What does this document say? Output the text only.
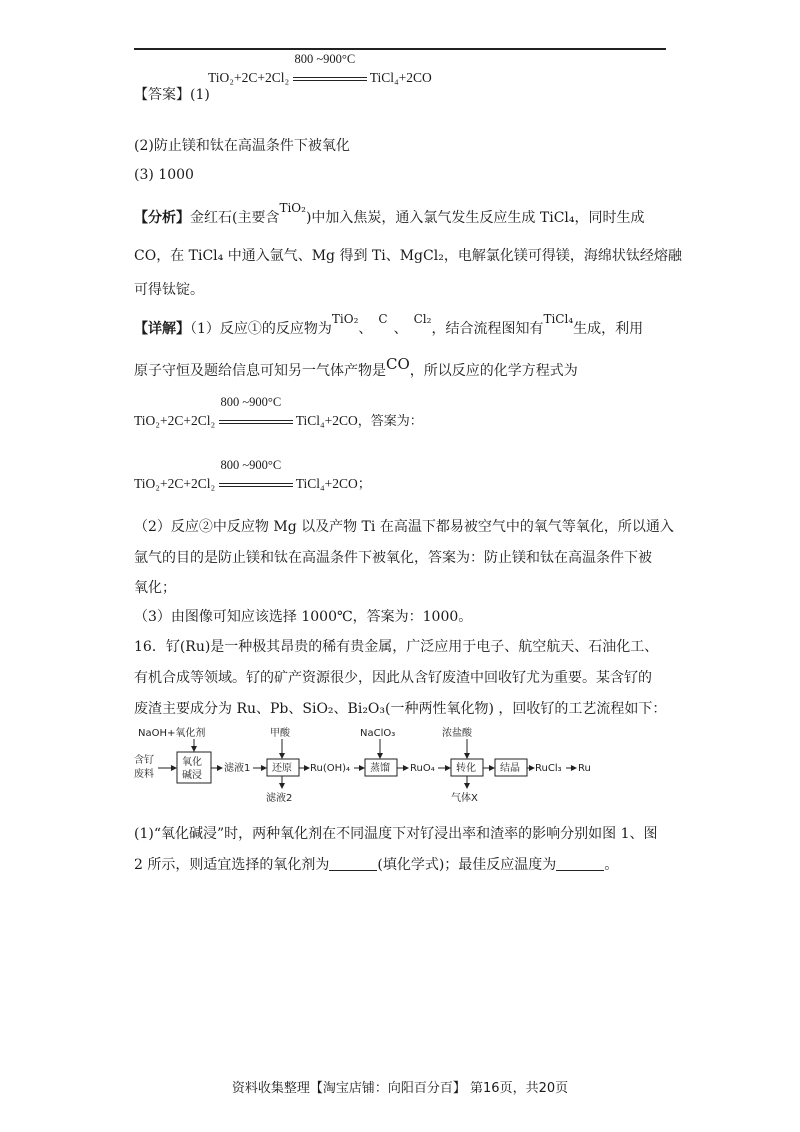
【答案】(1)
TiO₂+2C+2Cl₂
800 ~900°C
TiCl₄+2CO
(2)防止镁和钛在高温条件下被氧化
(3) 1000
【分析】金红石(主要含TiO₂)中加入焦炭，通入氯气发生反应生成 TiCl₄，同时生成
CO，在 TiCl₄ 中通入氩气、Mg 得到 Ti、MgCl₂，电解氯化镁可得镁，海绵状钛经熔融
可得钛锭。
【详解】（1）反应①的反应物为TiO₂、C、Cl₂，结合流程图知有TiCl₄生成，利用
原子守恒及题给信息可知另一气体产物是CO，所以反应的化学方程式为
TiO₂+2C+2Cl₂
800 ~900°C
TiCl₄+2CO，答案为：
TiO₂+2C+2Cl₂
800 ~900°C
TiCl₄+2CO；
（2）反应②中反应物 Mg 以及产物 Ti 在高温下都易被空气中的氧气等氧化，所以通入
氩气的目的是防止镁和钛在高温条件下被氧化，答案为：防止镁和钛在高温条件下被
氧化；
（3）由图像可知应该选择 1000℃，答案为：1000。
16．钌(Ru)是一种极其昂贵的稀有贵金属，广泛应用于电子、航空航天、石油化工、
有机合成等领域。钌的矿产资源很少，因此从含钌废渣中回收钌尤为重要。某含钌的
废渣主要成分为 Ru、Pb、SiO₂、Bi₂O₃(一种两性氧化物) ，回收钌的工艺流程如下：
含钌
废料
NaOH+氧化剂
氧化
碱浸
滤液1
甲酸
还原
滤液2
Ru(OH)₄
NaClO₃
蒸馏 RuO₄
浓盐酸
转化
气体X
结晶 RuCl₃ Ru
(1)“氧化碱浸”时，两种氧化剂在不同温度下对钌浸出率和渣率的影响分别如图 1、图
2 所示，则适宜选择的氧化剂为	(填化学式)；最佳反应温度为	。
资料收集整理【淘宝店铺：向阳百分百】 第16页，共20页
